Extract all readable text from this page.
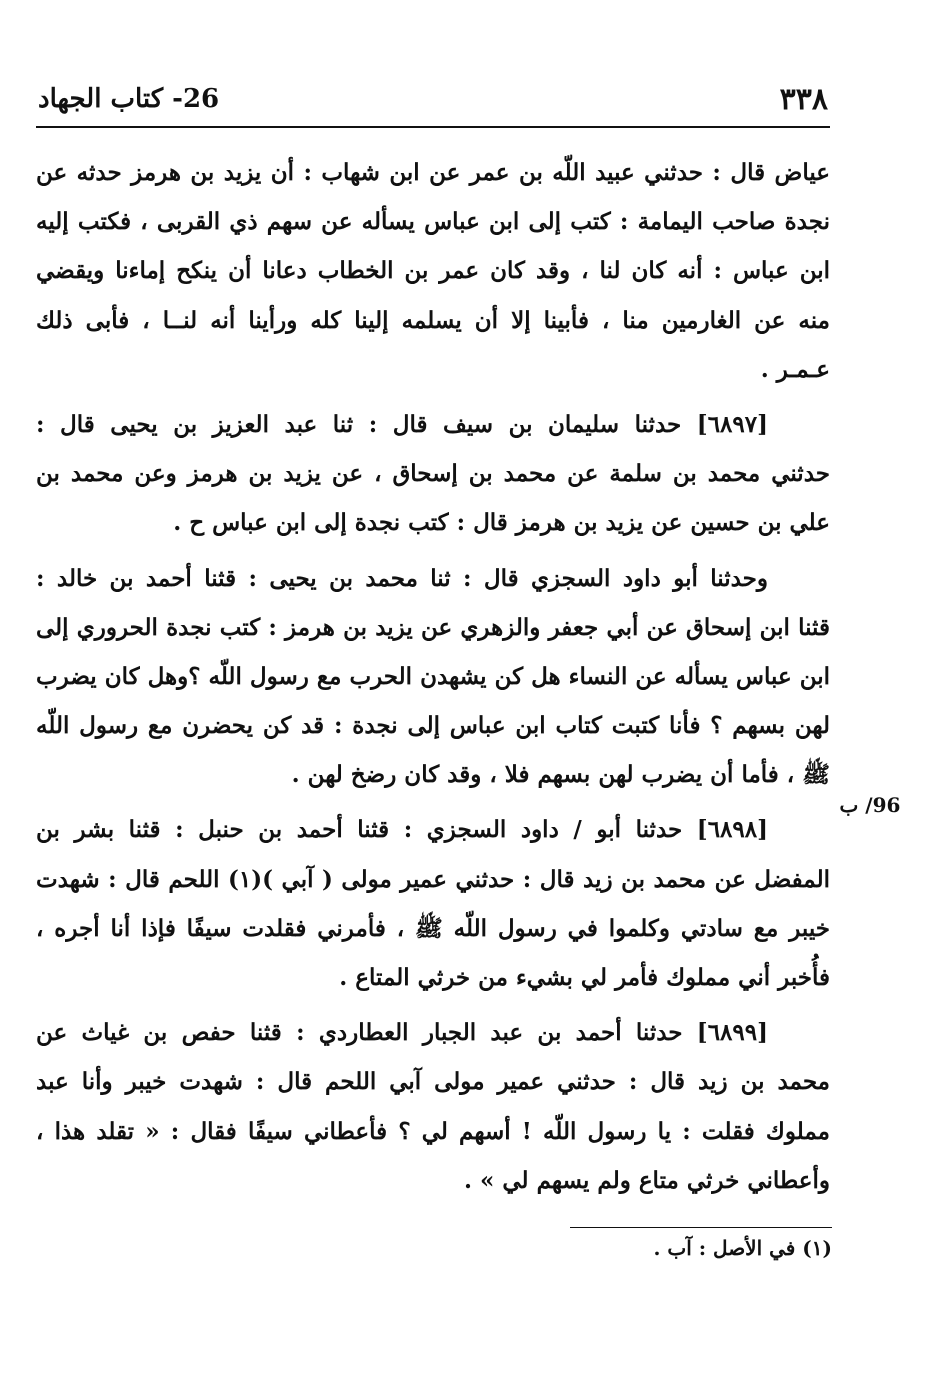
٣٣٨
26- كتاب الجهاد
عياض قال : حدثني عبيد اللّه بن عمر عن ابن شهاب : أن يزيد بن هرمز حدثه عن
نجدة صاحب اليمامة : كتب إلى ابن عباس يسأله عن سهم ذي القربى ، فكتب إليه
ابن عباس : أنه كان لنا ، وقد كان عمر بن الخطاب دعانا أن ينكح إماءنا ويقضي
منه عن الغارمين منا ، فأبينا إلا أن يسلمه إلينا كله ورأينا أنه لنــا ، فأبى ذلك
عـمـر .
[٦٨٩٧] حدثنا سليمان بن سيف قال : ثنا عبد العزيز بن يحيى قال :
حدثني محمد بن سلمة عن محمد بن إسحاق ، عن يزيد بن هرمز وعن محمد بن
علي بن حسين عن يزيد بن هرمز قال : كتب نجدة إلى ابن عباس ح .
وحدثنا أبو داود السجزي قال : ثنا محمد بن يحيى : قثنا أحمد بن خالد :
قثنا ابن إسحاق عن أبي جعفر والزهري عن يزيد بن هرمز : كتب نجدة الحروري إلى
ابن عباس يسأله عن النساء هل كن يشهدن الحرب مع رسول اللّه ؟وهل كان يضرب
لهن بسهم ؟ فأنا كتبت كتاب ابن عباس إلى نجدة : قد كن يحضرن مع رسول اللّه
ﷺ ، فأما أن يضرب لهن بسهم فلا ، وقد كان رضخ لهن .
[٦٨٩٨] حدثنا أبو / داود السجزي : قثنا أحمد بن حنبل : قثنا بشر بن
المفضل عن محمد بن زيد قال : حدثني عمير مولى ( آبي )(١) اللحم قال : شهدت
خيبر مع سادتي وكلموا في رسول اللّه ﷺ ، فأمرني فقلدت سيفًا فإذا أنا أجره ،
فأُخبر أني مملوك فأمر لي بشيء من خرثي المتاع .
[٦٨٩٩] حدثنا أحمد بن عبد الجبار العطاردي : قثنا حفص بن غياث عن
محمد بن زيد قال : حدثني عمير مولى آبي اللحم قال : شهدت خيبر وأنا عبد
مملوك فقلت : يا رسول اللّه ! أسهم لي ؟ فأعطاني سيفًا فقال : « تقلد هذا ،
وأعطاني خرثي متاع ولم يسهم لي » .
96/ ب
(١) في الأصل : آب .
